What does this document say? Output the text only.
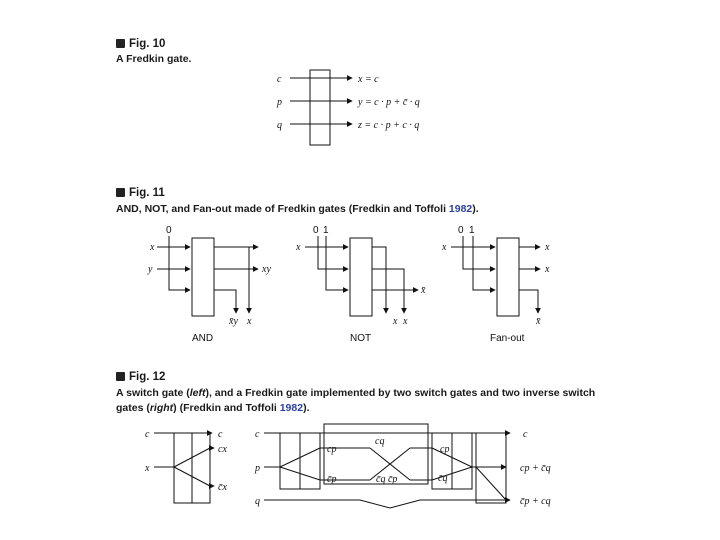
Fig. 10
A Fredkin gate.
Fig. 11
AND, NOT, and Fan-out made of Fredkin gates (Fredkin and Toffoli 1982).
Fig. 12
A switch gate (left), and a Fredkin gate implemented by two switch gates and two inverse switch
gates (right) (Fredkin and Toffoli 1982).
c
p
q
x = c
y = c · p + c̄ · q
z = c · p + c · q
0
x
y	xy
x̄y x
AND
0 1
x
x̄
x x
NOT
0 1
x	x
x
x̄
Fan-out
c
x
c
cx
c̄x
c
p
q
cp
cq
cp
c̄p	c̄q c̄p	c̄q
c
cp + c̄q
c̄p + cq
